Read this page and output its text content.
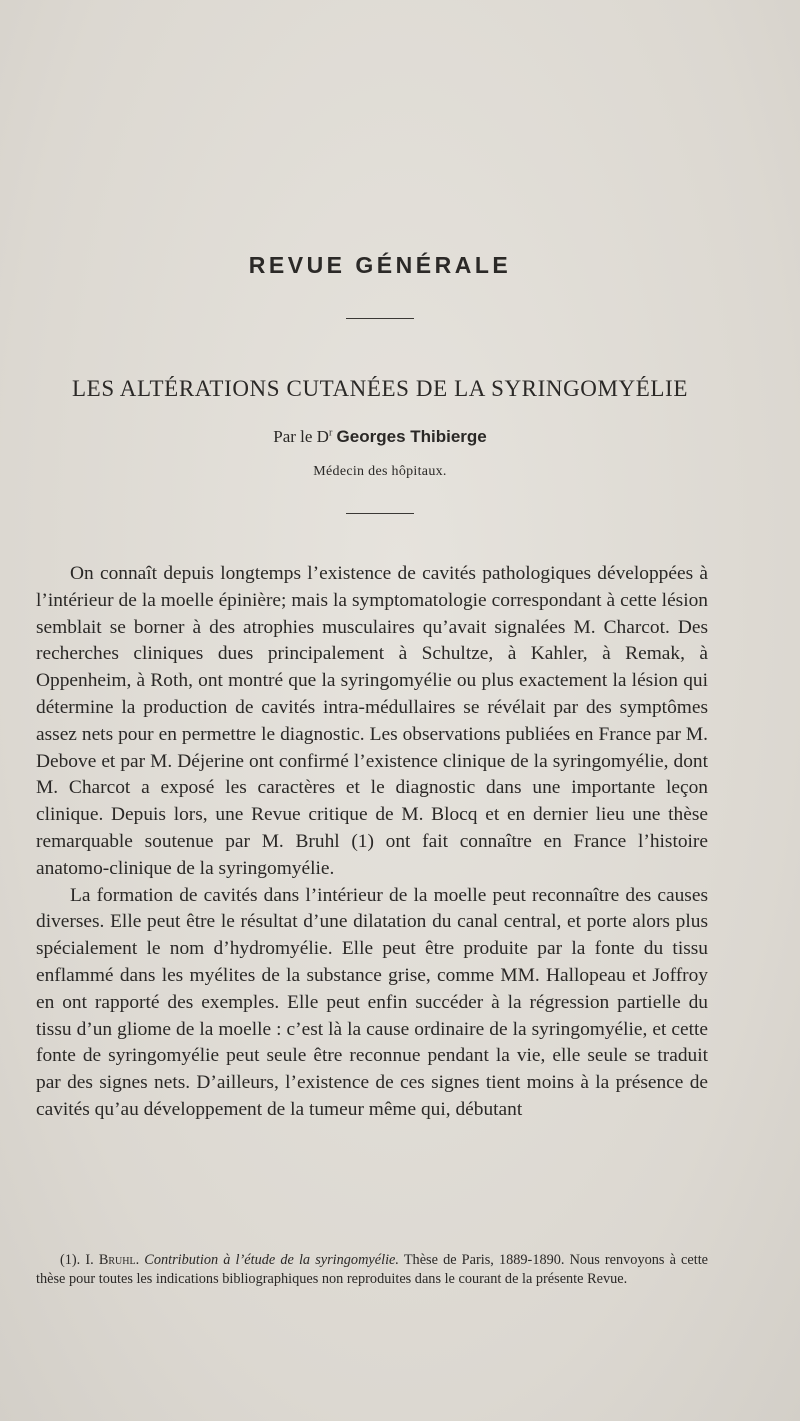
REVUE GÉNÉRALE
LES ALTÉRATIONS CUTANÉES DE LA SYRINGOMYÉLIE
Par le $D^r$ Georges Thibierge
Médecin des hôpitaux.

On connaît depuis longtemps l’existence de cavités pathologiques développées à l’intérieur de la moelle épinière; mais la symptomatologie correspondant à cette lésion semblait se borner à des atrophies musculaires qu’avait signalées M. Charcot. Des recherches cliniques dues principalement à Schultze, à Kahler, à Remak, à Oppenheim, à Roth, ont montré que la syringomyélie ou plus exactement la lésion qui détermine la production de cavités intra-médullaires se révélait par des symptômes assez nets pour en permettre le diagnostic. Les observations publiées en France par M. Debove et par M. Déjerine ont confirmé l’existence clinique de la syringomyélie, dont M. Charcot a exposé les caractères et le diagnostic dans une importante leçon clinique. Depuis lors, une Revue critique de M. Blocq et en dernier lieu une thèse remarquable soutenue par M. Bruhl (1) ont fait connaître en France l’histoire anatomo-clinique de la syringomyélie.

La formation de cavités dans l’intérieur de la moelle peut reconnaître des causes diverses. Elle peut être le résultat d’une dilatation du canal central, et porte alors plus spécialement le nom d’hydromyélie. Elle peut être produite par la fonte du tissu enflammé dans les myélites de la substance grise, comme MM. Hallopeau et Joffroy en ont rapporté des exemples. Elle peut enfin succéder à la régression partielle du tissu d’un gliome de la moelle : c’est là la cause ordinaire de la syringomyélie, et cette fonte de syringomyélie peut seule être reconnue pendant la vie, elle seule se traduit par des signes nets. D’ailleurs, l’existence de ces signes tient moins à la présence de cavités qu’au développement de la tumeur même qui, débutant

(1). I. Bruhl. Contribution à l’étude de la syringomyélie. Thèse de Paris, 1889-1890. Nous renvoyons à cette thèse pour toutes les indications bibliographiques non reproduites dans le courant de la présente Revue.
